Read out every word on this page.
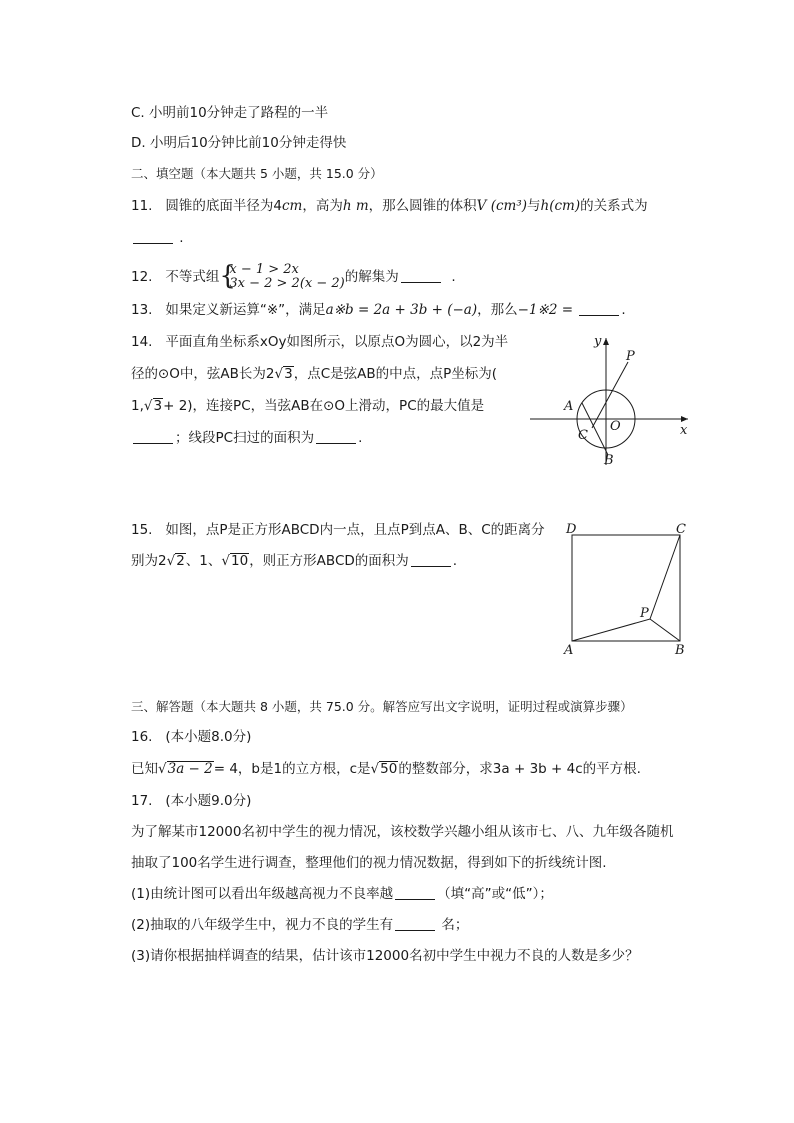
C. 小明前10分钟走了路程的一半
D. 小明后10分钟比前10分钟走得快
二、填空题（本大题共 5 小题，共 15.0 分）
11. 圆锥的底面半径为4cm，高为h m，那么圆锥的体积V (cm³)与h(cm)的关系式为
.
12. 不等式组 {
x − 1 > 2x
3x − 2 > 2(x − 2)的解集为	.
13. 如果定义新运算“※”，满足a※b = 2a + 3b + (−a)，那么−1※2 =	.
14. 平面直角坐标系xOy如图所示，以原点O为圆心，以2为半
径的⊙O中，弦AB长为2√3，点C是弦AB的中点，点P坐标为(
1,√3+ 2)，连接PC，当弦AB在⊙O上滑动，PC的最大值是
；线段PC扫过的面积为	.
y
x
P
A
C
O
B
15. 如图，点P是正方形ABCD内一点，且点P到点A、B、C的距离分
别为2√2、1、√10，则正方形ABCD的面积为	.
D	C
A	B
P
三、解答题（本大题共 8 小题，共 75.0 分。解答应写出文字说明，证明过程或演算步骤）
16. (本小题8.0分)
已知√3a − 2= 4，b是1的立方根，c是√50的整数部分，求3a + 3b + 4c的平方根.
17. (本小题9.0分)
为了解某市12000名初中学生的视力情况，该校数学兴趣小组从该市七、八、九年级各随机
抽取了100名学生进行调查，整理他们的视力情况数据，得到如下的折线统计图.
(1)由统计图可以看出年级越高视力不良率越	（填“高”或“低”）；
(2)抽取的八年级学生中，视力不良的学生有	名；
(3)请你根据抽样调查的结果，估计该市12000名初中学生中视力不良的人数是多少？
